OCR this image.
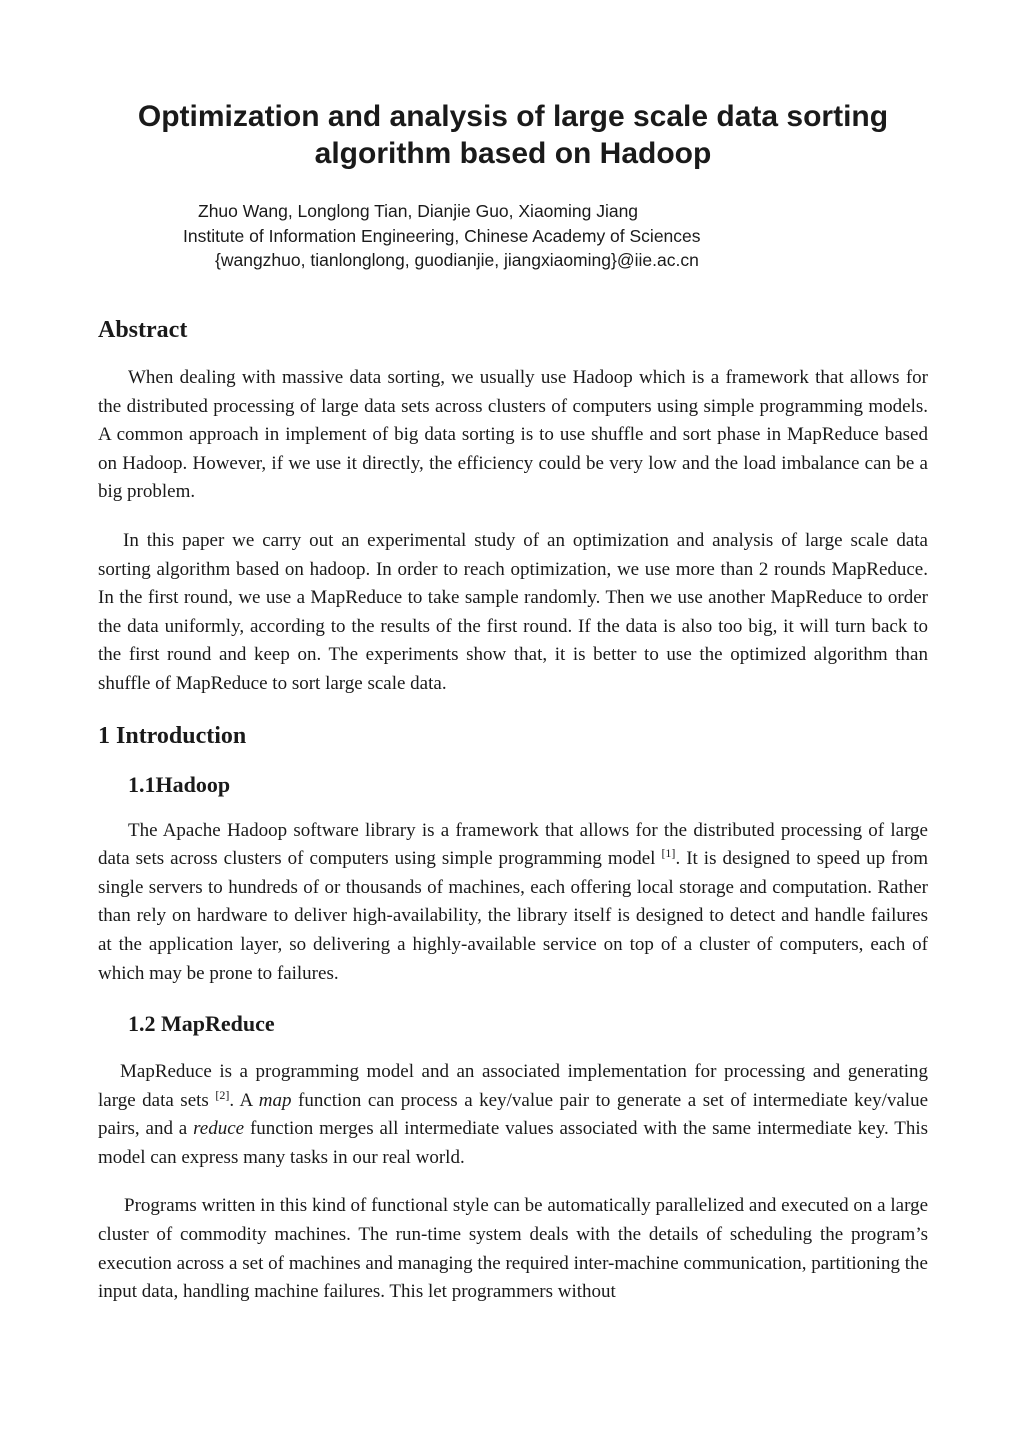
Optimization and analysis of large scale data sorting
algorithm based on Hadoop
Zhuo Wang, Longlong Tian, Dianjie Guo, Xiaoming Jiang
Institute of Information Engineering, Chinese Academy of Sciences
{wangzhuo, tianlonglong, guodianjie, jiangxiaoming}@iie.ac.cn
Abstract

When dealing with massive data sorting, we usually use Hadoop which is a framework that allows for the distributed processing of large data sets across clusters of computers using simple programming models. A common approach in implement of big data sorting is to use shuffle and sort phase in MapReduce based on Hadoop. However, if we use it directly, the efficiency could be very low and the load imbalance can be a big problem.

In this paper we carry out an experimental study of an optimization and analysis of large scale data sorting algorithm based on hadoop. In order to reach optimization, we use more than 2 rounds MapReduce. In the first round, we use a MapReduce to take sample randomly. Then we use another MapReduce to order the data uniformly, according to the results of the first round. If the data is also too big, it will turn back to the first round and keep on. The experiments show that, it is better to use the optimized algorithm than shuffle of MapReduce to sort large scale data.

1 Introduction
1.1Hadoop

The Apache Hadoop software library is a framework that allows for the distributed processing of large data sets across clusters of computers using simple programming model [1]. It is designed to speed up from single servers to hundreds of or thousands of machines, each offering local storage and computation. Rather than rely on hardware to deliver high-availability, the library itself is designed to detect and handle failures at the application layer, so delivering a highly-available service on top of a cluster of computers, each of which may be prone to failures.

1.2 MapReduce

MapReduce is a programming model and an associated implementation for processing and generating large data sets [2]. A map function can process a key/value pair to generate a set of intermediate key/value pairs, and a reduce function merges all intermediate values associated with the same intermediate key. This model can express many tasks in our real world.

Programs written in this kind of functional style can be automatically parallelized and executed on a large cluster of commodity machines. The run-time system deals with the details of scheduling the program’s execution across a set of machines and managing the required inter-machine communication, partitioning the input data, handling machine failures. This let programmers without
